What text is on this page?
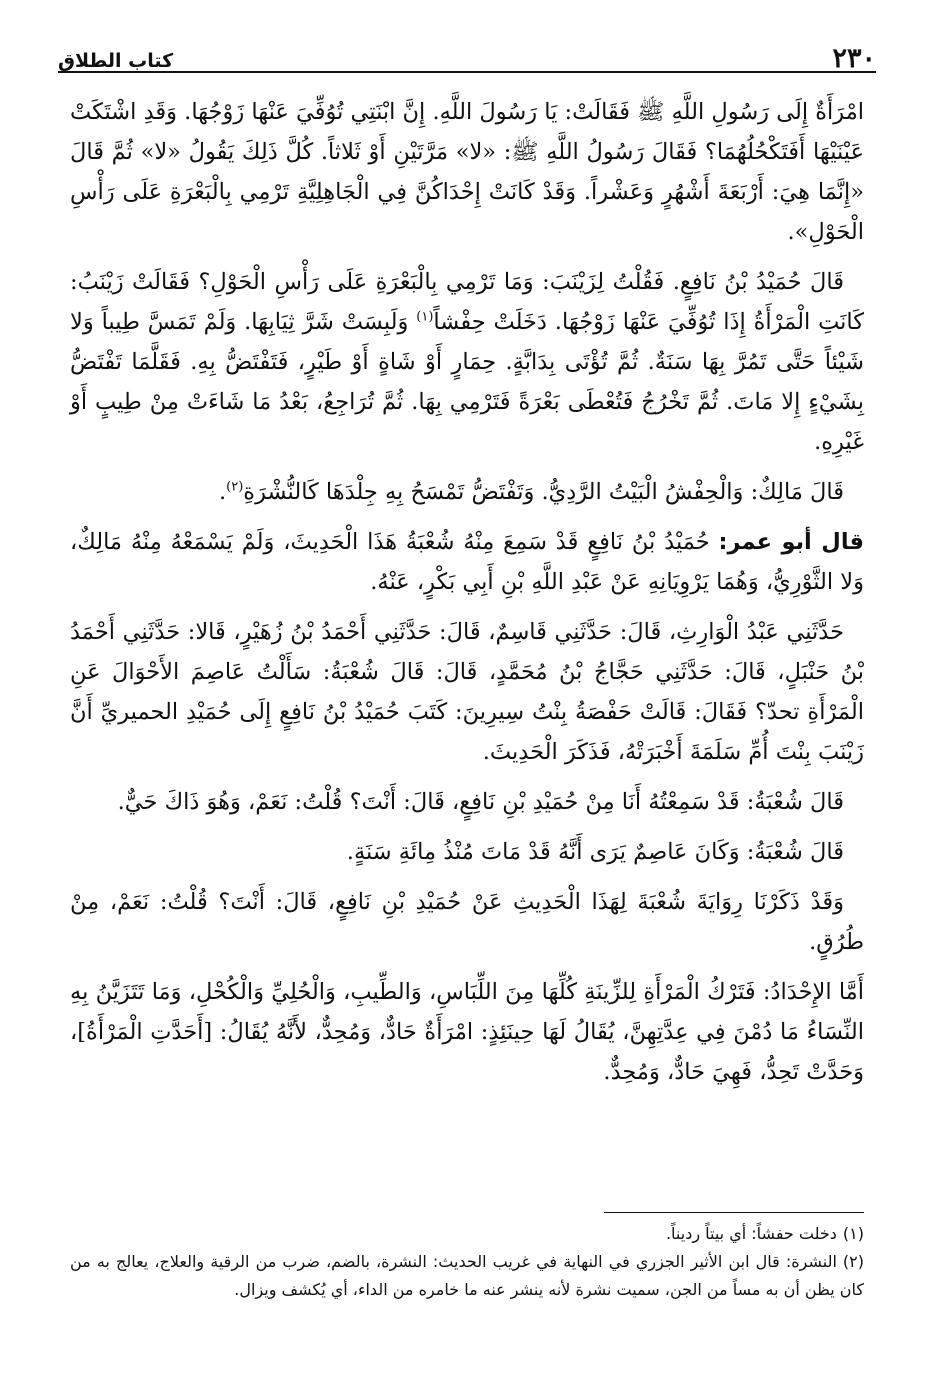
٢٣٠
كتاب الطلاق

امْرَأَةٌ إِلَى رَسُولِ اللَّهِ ﷺ فَقَالَتْ: يَا رَسُولَ اللَّهِ. إِنَّ ابْنَتِي تُوُفِّيَ عَنْهَا زَوْجُهَا. وَقَدِ اشْتَكَتْ عَيْنَيْهَا أَفَتَكْحُلُهُمَا؟ فَقَالَ رَسُولُ اللَّهِ ﷺ: «لا» مَرَّتَيْنِ أَوْ ثَلاثاً. كُلَّ ذَلِكَ يَقُولُ «لا» ثُمَّ قَالَ «إِنَّمَا هِيَ: أَرْبَعَةَ أَشْهُرٍ وَعَشْراً. وَقَدْ كَانَتْ إِحْدَاكُنَّ فِي الْجَاهِلِيَّةِ تَرْمِي بِالْبَعْرَةِ عَلَى رَأْسِ الْحَوْلِ».

قَالَ حُمَيْدُ بْنُ نَافِعٍ. فَقُلْتُ لِزَيْنَبَ: وَمَا تَرْمِي بِالْبَعْرَةِ عَلَى رَأْسِ الْحَوْلِ؟ فَقَالَتْ زَيْنَبُ: كَانَتِ الْمَرْأَةُ إِذَا تُوُفِّيَ عَنْهَا زَوْجُهَا. دَخَلَتْ حِفْشاً$^{(١)}$ وَلَبِسَتْ شَرَّ ثِيَابِهَا. وَلَمْ تَمَسَّ طِيباً وَلا شَيْئاً حَتَّى تَمُرَّ بِهَا سَنَةٌ. ثُمَّ تُؤْتَى بِدَابَّةٍ. حِمَارٍ أَوْ شَاةٍ أَوْ طَيْرٍ، فَتَفْتَضُّ بِهِ. فَقَلَّمَا تَفْتَضُّ بِشَيْءٍ إِلا مَاتَ. ثُمَّ تَخْرُجُ فَتُعْطَى بَعْرَةً فَتَرْمِي بِهَا. ثُمَّ تُرَاجِعُ، بَعْدُ مَا شَاءَتْ مِنْ طِيبٍ أَوْ غَيْرِهِ.

قَالَ مَالِكٌ: وَالْحِفْشُ الْبَيْتُ الرَّدِيُّ. وَتَفْتَضُّ تَمْسَحُ بِهِ جِلْدَهَا كَالنُّشْرَةِ$^{(٢)}$.

قال أبو عمر: حُمَيْدُ بْنُ نَافِعٍ قَدْ سَمِعَ مِنْهُ شُعْبَةُ هَذَا الْحَدِيثَ، وَلَمْ يَسْمَعْهُ مِنْهُ مَالِكٌ، وَلا الثَّوْرِيُّ، وَهُمَا يَرْوِيَانِهِ عَنْ عَبْدِ اللَّهِ بْنِ أَبِي بَكْرٍ، عَنْهُ.

حَدَّثَنِي عَبْدُ الْوَارِثِ، قَالَ: حَدَّثَنِي قَاسِمٌ، قَالَ: حَدَّثَنِي أَحْمَدُ بْنُ زُهَيْرٍ، قَالا: حَدَّثَنِي أَحْمَدُ بْنُ حَنْبَلٍ، قَالَ: حَدَّثَنِي حَجَّاجُ بْنُ مُحَمَّدٍ، قَالَ: قَالَ شُعْبَةُ: سَأَلْتُ عَاصِمَ الأَحْوَالَ عَنِ الْمَرْأَةِ تحدّ؟ فَقَالَ: قَالَتْ حَفْصَةُ بِنْتُ سِيرِينَ: كَتَبَ حُمَيْدُ بْنُ نَافِعٍ إِلَى حُمَيْدِ الحميريِّ أَنَّ زَيْنَبَ بِنْتَ أُمِّ سَلَمَةَ أَخْبَرَتْهُ، فَذَكَرَ الْحَدِيثَ.

قَالَ شُعْبَةُ: قَدْ سَمِعْتُهُ أَنَا مِنْ حُمَيْدِ بْنِ نَافِعٍ، قَالَ: أَنْتَ؟ قُلْتُ: نَعَمْ، وَهُوَ ذَاكَ حَيٌّ.

قَالَ شُعْبَةُ: وَكَانَ عَاصِمٌ يَرَى أَنَّهُ قَدْ مَاتَ مُنْذُ مِائَةِ سَنَةٍ.

وَقَدْ ذَكَرْنَا رِوَايَةَ شُعْبَةَ لِهَذَا الْحَدِيثِ عَنْ حُمَيْدِ بْنِ نَافِعٍ، قَالَ: أَنْتَ؟ قُلْتُ: نَعَمْ، مِنْ طُرُقٍ.

أَمَّا الإِحْدَادُ: فَتَرْكُ الْمَرْأَةِ لِلزِّينَةِ كُلِّهَا مِنَ اللِّبَاسِ، وَالطِّيبِ، وَالْحُلِيِّ وَالْكُحْلِ، وَمَا تَتَزَيَّنُ بِهِ النِّسَاءُ مَا دُمْنَ فِي عِدَّتِهِنَّ، يُقَالُ لَهَا حِينَئِذٍ: امْرَأَةٌ حَادٌّ، وَمُحِدٌّ، لأَنَّهُ يُقَالُ: [أَحَدَّتِ الْمَرْأَةُ]، وَحَدَّتْ تَحِدُّ، فَهِيَ حَادٌّ، وَمُحِدٌّ.

(١)دخلت حفشاً: أي بيتاً رديناً.

(٢)النشرة: قال ابن الأثير الجزري في النهاية في غريب الحديث: النشرة، بالضم، ضرب من الرقية والعلاج، يعالج به من كان يظن أن به مساً من الجن، سميت نشرة لأنه ينشر عنه ما خامره من الداء، أي يُكشف ويزال.
